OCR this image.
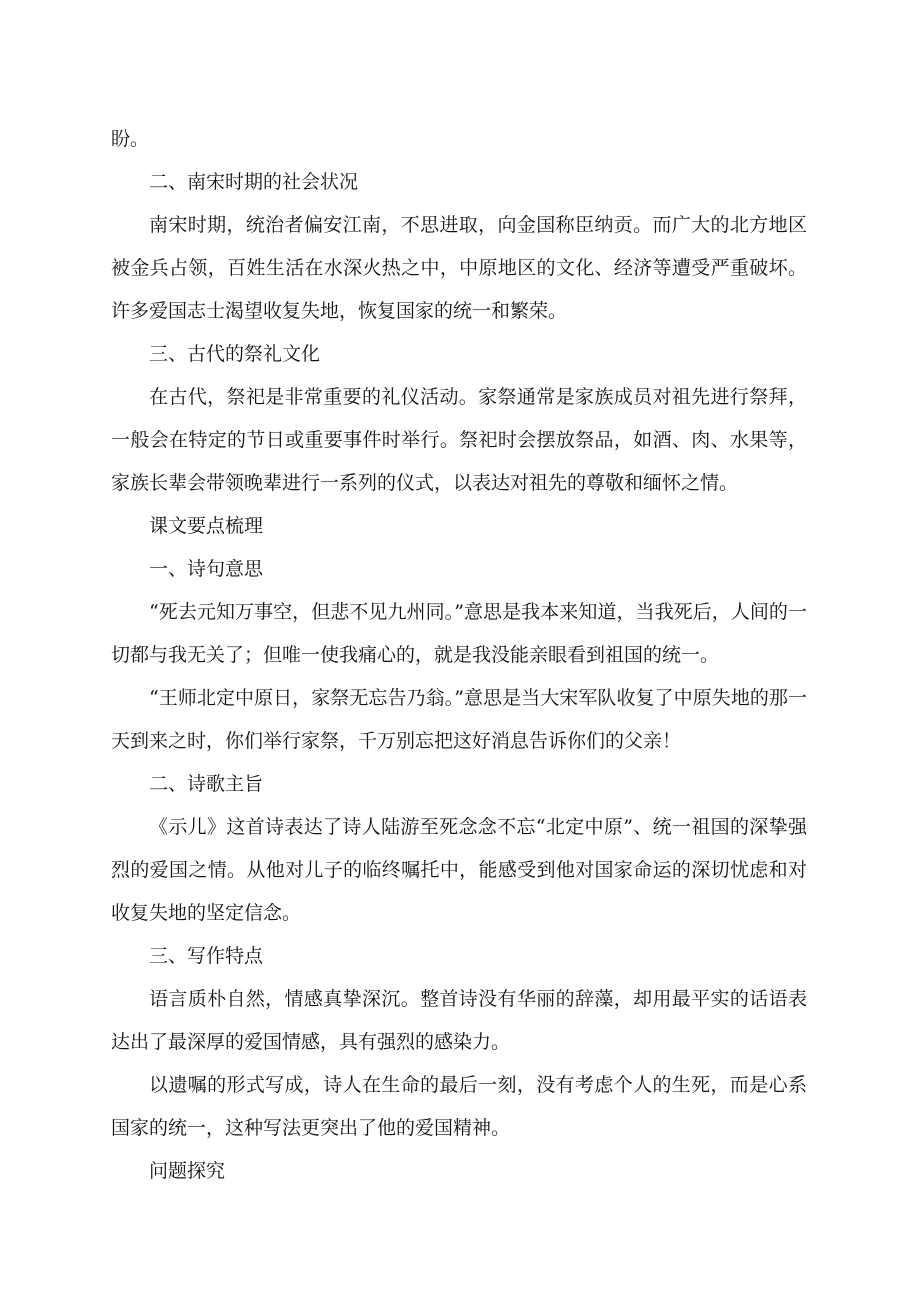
盼。

二、南宋时期的社会状况

南宋时期，统治者偏安江南，不思进取，向金国称臣纳贡。而广大的北方地区被金兵占领，百姓生活在水深火热之中，中原地区的文化、经济等遭受严重破坏。许多爱国志士渴望收复失地，恢复国家的统一和繁荣。

三、古代的祭礼文化

在古代，祭祀是非常重要的礼仪活动。家祭通常是家族成员对祖先进行祭拜，一般会在特定的节日或重要事件时举行。祭祀时会摆放祭品，如酒、肉、水果等，家族长辈会带领晚辈进行一系列的仪式，以表达对祖先的尊敬和缅怀之情。

课文要点梳理

一、诗句意思

“死去元知万事空，但悲不见九州同。”意思是我本来知道，当我死后，人间的一切都与我无关了；但唯一使我痛心的，就是我没能亲眼看到祖国的统一。

“王师北定中原日，家祭无忘告乃翁。”意思是当大宋军队收复了中原失地的那一天到来之时，你们举行家祭，千万别忘把这好消息告诉你们的父亲！

二、诗歌主旨

《示儿》这首诗表达了诗人陆游至死念念不忘“北定中原”、统一祖国的深挚强烈的爱国之情。从他对儿子的临终嘱托中，能感受到他对国家命运的深切忧虑和对收复失地的坚定信念。

三、写作特点

语言质朴自然，情感真挚深沉。整首诗没有华丽的辞藻，却用最平实的话语表达出了最深厚的爱国情感，具有强烈的感染力。

以遗嘱的形式写成，诗人在生命的最后一刻，没有考虑个人的生死，而是心系国家的统一，这种写法更突出了他的爱国精神。

问题探究
